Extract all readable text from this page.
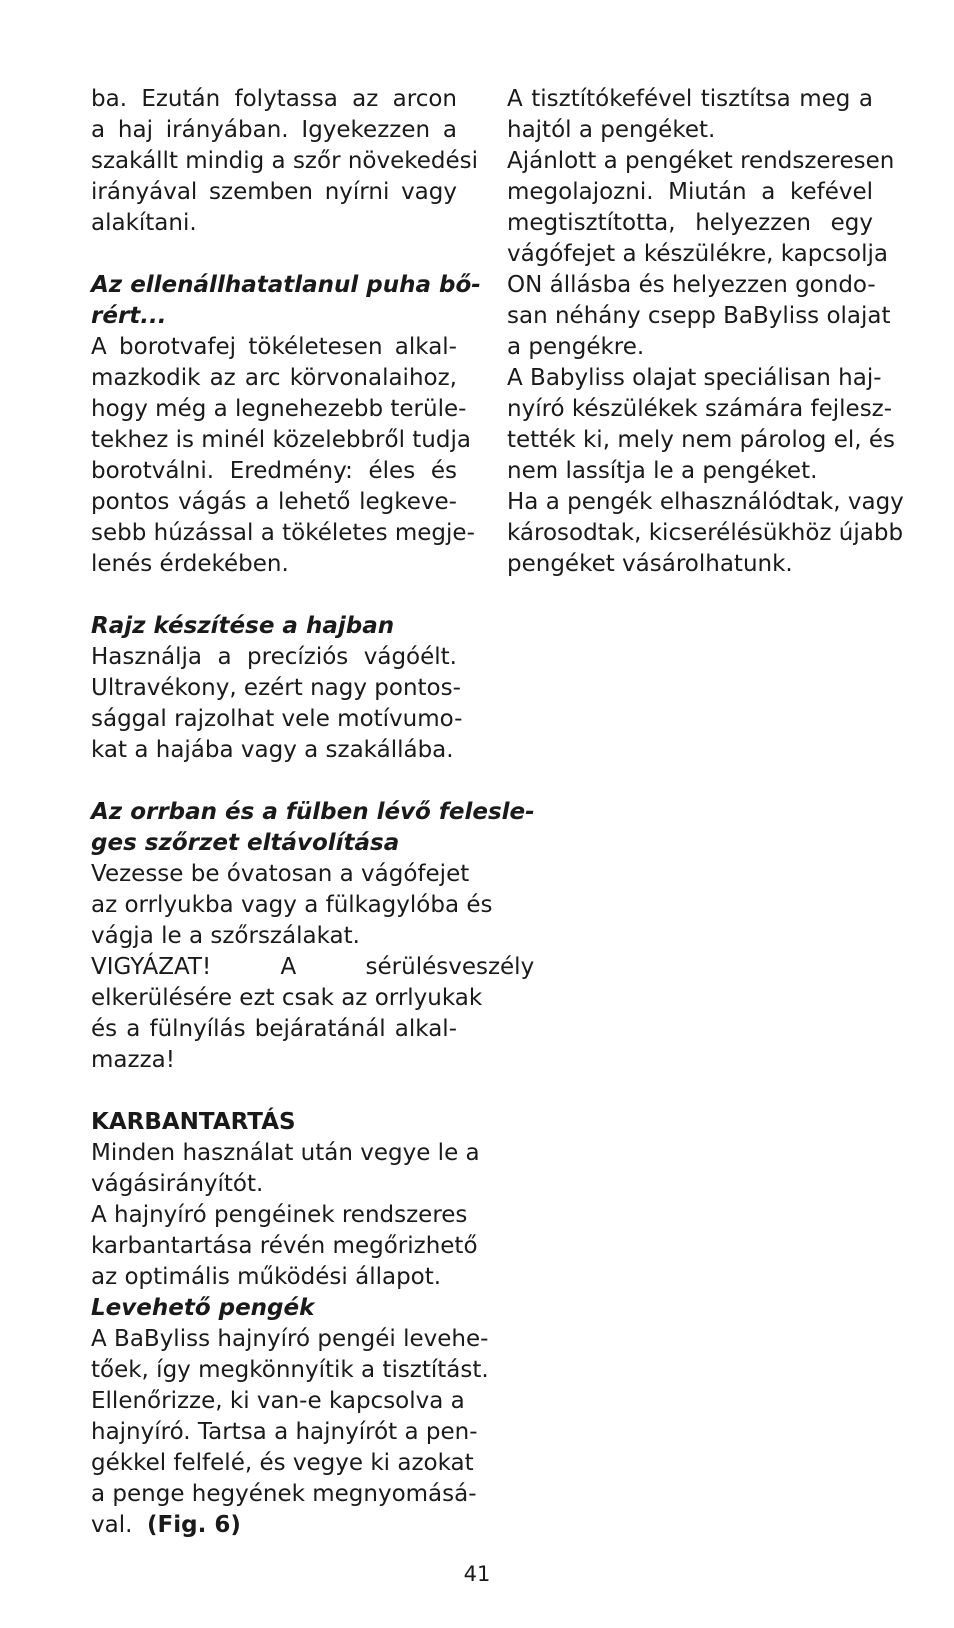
ba. Ezután folytassa az arcon
a haj irányában. Igyekezzen a
szakállt mindig a szőr növekedési
irányával szemben nyírni vagy
alakítani.
Az ellenállhatatlanul puha bő-
rért...
A borotvafej tökéletesen alkal-
mazkodik az arc körvonalaihoz,
hogy még a legnehezebb terüle-
tekhez is minél közelebbről tudja
borotválni. Eredmény: éles és
pontos vágás a lehető legkeve-
sebb húzással a tökéletes megje-
lenés érdekében.

Rajz készítése a hajban

Használja a precíziós vágóélt.
Ultravékony, ezért nagy pontos-
sággal rajzolhat vele motívumo-
kat a hajába vagy a szakállába.
Az orrban és a fülben lévő felesle-
ges szőrzet eltávolítása
Vezesse be óvatosan a vágófejet
az orrlyukba vagy a fülkagylóba és
vágja le a szőrszálakat.
VIGYÁZAT! A sérülésveszély
elkerülésére ezt csak az orrlyukak
és a fülnyílás bejáratánál alkal-
mazza!

KARBANTARTÁS

Minden használat után vegye le a
vágásirányítót.
A hajnyíró pengéinek rendszeres
karbantartása révén megőrizhető
az optimális működési állapot.

Levehető pengék

A BaByliss hajnyíró pengéi levehe-
tőek, így megkönnyítik a tisztítást.
Ellenőrizze, ki van-e kapcsolva a
hajnyíró. Tartsa a hajnyírót a pen-
gékkel felfelé, és vegye ki azokat
a penge hegyének megnyomásá-
val. (Fig. 6)
A tisztítókefével tisztítsa meg a
hajtól a pengéket.
Ajánlott a pengéket rendszeresen
megolajozni. Miután a kefével
megtisztította, helyezzen egy
vágófejet a készülékre, kapcsolja
ON állásba és helyezzen gondo-
san néhány csepp BaByliss olajat
a pengékre.
A Babyliss olajat speciálisan haj-
nyíró készülékek számára fejlesz-
tették ki, mely nem párolog el, és
nem lassítja le a pengéket.
Ha a pengék elhasználódtak, vagy
károsodtak, kicserélésükhöz újabb
pengéket vásárolhatunk.
41
